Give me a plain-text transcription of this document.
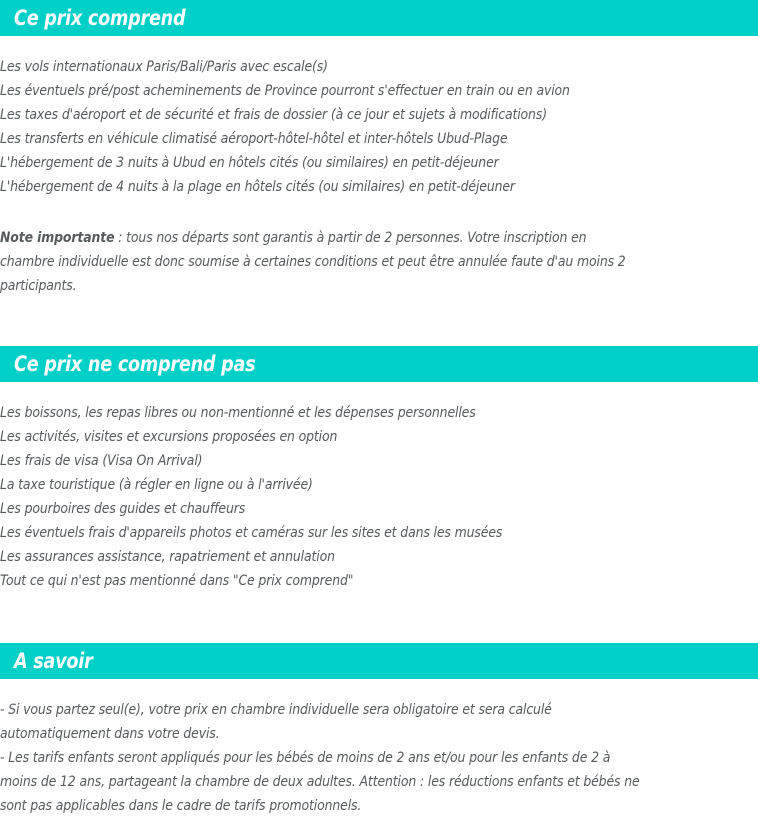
Ce prix comprend
Les vols internationaux Paris/Bali/Paris avec escale(s)
Les éventuels pré/post acheminements de Province pourront s'effectuer en train ou en avion
Les taxes d'aéroport et de sécurité et frais de dossier (à ce jour et sujets à modifications)
Les transferts en véhicule climatisé aéroport-hôtel-hôtel et inter-hôtels Ubud-Plage
L'hébergement de 3 nuits à Ubud en hôtels cités (ou similaires) en petit-déjeuner
L'hébergement de 4 nuits à la plage en hôtels cités (ou similaires) en petit-déjeuner

Note importante : tous nos départs sont garantis à partir de 2 personnes. Votre inscription en chambre individuelle est donc soumise à certaines conditions et peut être annulée faute d'au moins 2 participants.

Ce prix ne comprend pas
Les boissons, les repas libres ou non-mentionné et les dépenses personnelles
Les activités, visites et excursions proposées en option
Les frais de visa (Visa On Arrival)
La taxe touristique (à régler en ligne ou à l'arrivée)
Les pourboires des guides et chauffeurs
Les éventuels frais d'appareils photos et caméras sur les sites et dans les musées
Les assurances assistance, rapatriement et annulation
Tout ce qui n'est pas mentionné dans "Ce prix comprend"
A savoir

- Si vous partez seul(e), votre prix en chambre individuelle sera obligatoire et sera calculé automatiquement dans votre devis.

- Les tarifs enfants seront appliqués pour les bébés de moins de 2 ans et/ou pour les enfants de 2 à moins de 12 ans, partageant la chambre de deux adultes. Attention : les réductions enfants et bébés ne sont pas applicables dans le cadre de tarifs promotionnels.
